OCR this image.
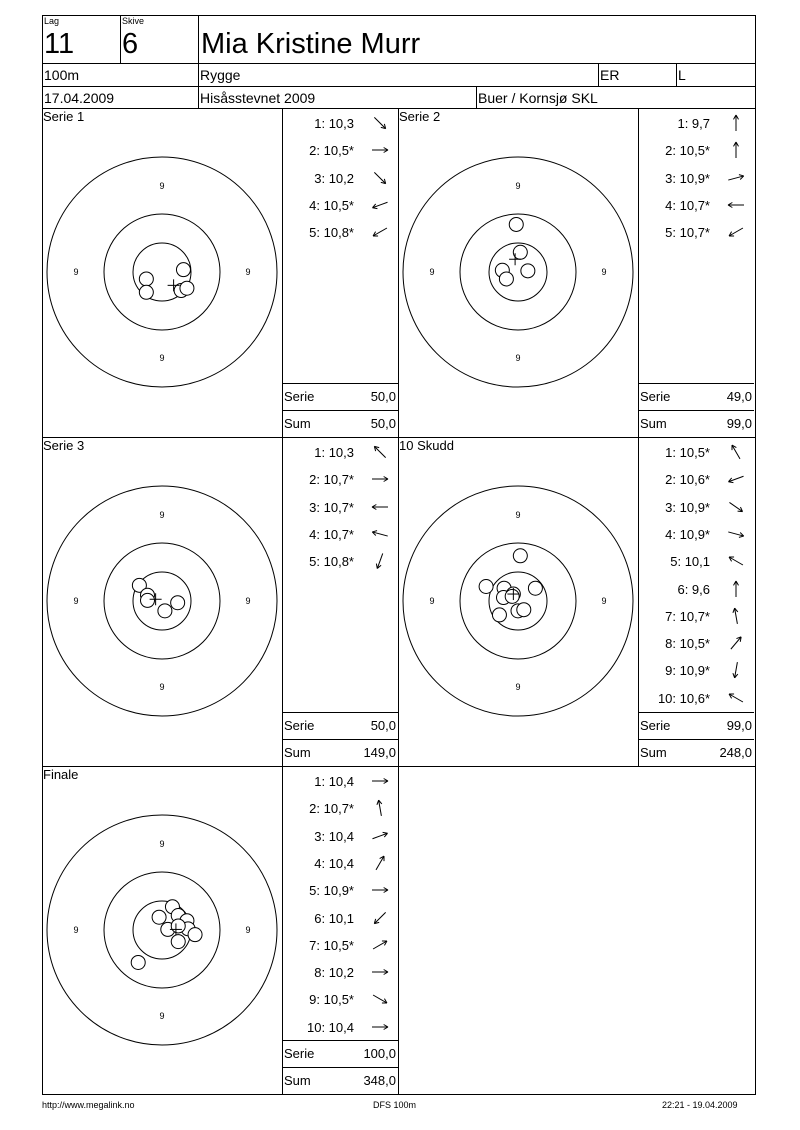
Lag
11
Skive
6 Mia Kristine Murr
100m	Rygge	ER	L
17.04.2009	Hisåsstevnet 2009	Buer / Kornsjø SKL
Serie 1
9
9
9	9
1: 10,3
2: 10,5*
3: 10,2
4: 10,5*
5: 10,8*
Serie	50,0
Sum	50,0
Serie 2
9
9
9	9
1: 9,7
2: 10,5*
3: 10,9*
4: 10,7*
5: 10,7*
Serie	49,0
Sum	99,0
Serie 3
9
9
9	9
1: 10,3
2: 10,7*
3: 10,7*
4: 10,7*
5: 10,8*
Serie	50,0
Sum	149,0
10 Skudd
9
9
9	9
1: 10,5*
2: 10,6*
3: 10,9*
4: 10,9*
5: 10,1
6: 9,6
7: 10,7*
8: 10,5*
9: 10,9*
10: 10,6*
Serie	99,0
Sum	248,0
Finale
9
9
9	9
1: 10,4
2: 10,7*
3: 10,4
4: 10,4
5: 10,9*
6: 10,1
7: 10,5*
8: 10,2
9: 10,5*
10: 10,4
Serie	100,0
Sum	348,0
http://www.megalink.no	DFS 100m	22:21 - 19.04.2009
